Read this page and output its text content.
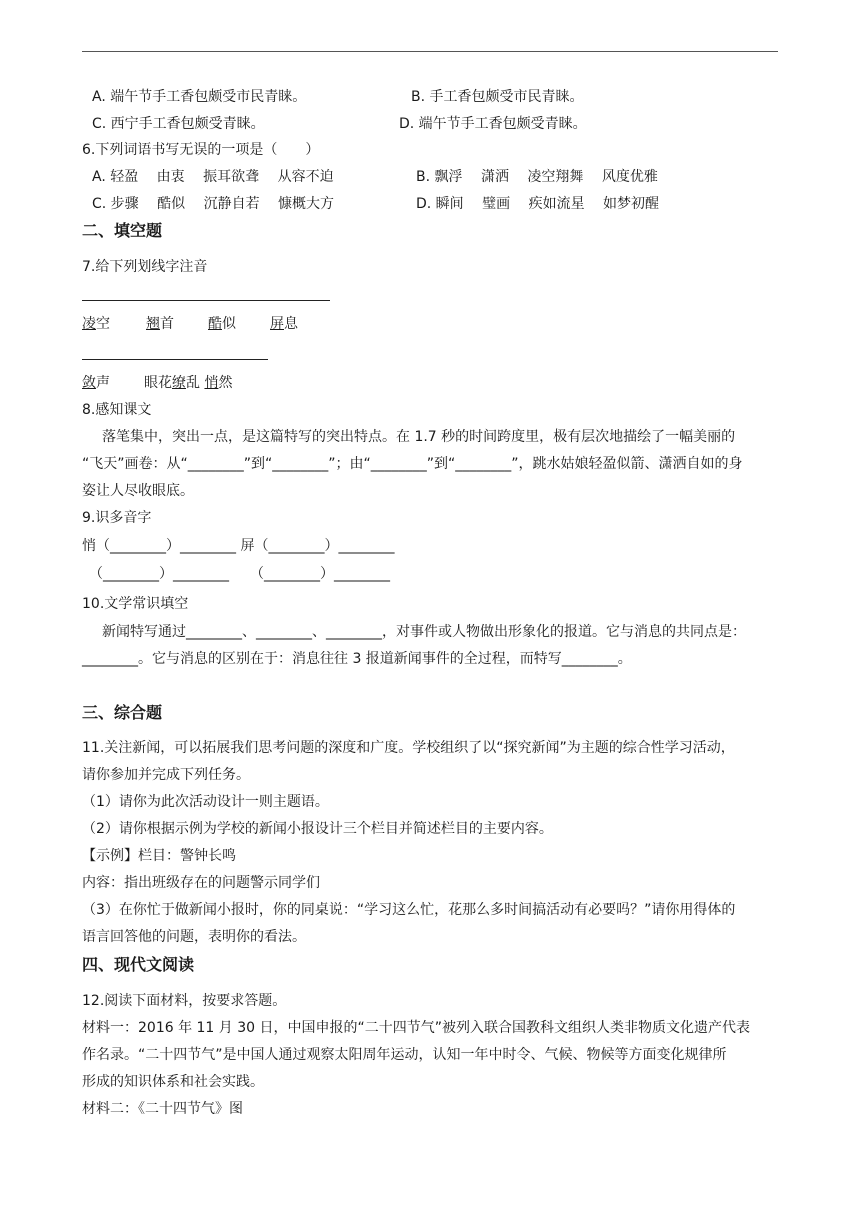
A. 端午节手工香包颇受市民青睐。	B. 手工香包颇受市民青睐。
C. 西宁手工香包颇受青睐。	D. 端午节手工香包颇受青睐。
6.下列词语书写无误的一项是（　　）
A. 轻盈　 由衷　 振耳欲聋　 从容不迫	B. 飘浮　 潇洒　 凌空翔舞　 风度优雅
C. 步骤　 酷似　 沉静自若　 慷概大方	D. 瞬间　 璧画　 疾如流星　 如梦初醒
二、填空题
7.给下列划线字注音
凌空	翘首 酷似 屏息
敛声 眼花缭乱 悄然
8.感知课文
　落笔集中，突出一点，是这篇特写的突出特点。在 1.7 秒的时间跨度里，极有层次地描绘了一幅美丽的
“飞天”画卷：从“________”到“________”；由“________”到“________”，跳水姑娘轻盈似箭、潇洒自如的身
姿让人尽收眼底。
9.识多音字
悄（________）________ 屏（________）________
　（________）________　　（________）________
10.文学常识填空
　新闻特写通过________、________、________，对事件或人物做出形象化的报道。它与消息的共同点是：
________。它与消息的区别在于：消息往往 3 报道新闻事件的全过程，而特写________。
三、综合题
11.关注新闻，可以拓展我们思考问题的深度和广度。学校组织了以“探究新闻”为主题的综合性学习活动，
请你参加并完成下列任务。
（1）请你为此次活动设计一则主题语。
（2）请你根据示例为学校的新闻小报设计三个栏目并简述栏目的主要内容。
【示例】栏目：警钟长鸣
内容：指出班级存在的问题警示同学们
（3）在你忙于做新闻小报时，你的同桌说：“学习这么忙，花那么多时间搞活动有必要吗？”请你用得体的
语言回答他的问题，表明你的看法。
四、现代文阅读
12.阅读下面材料，按要求答题。
材料一：2016 年 11 月 30 日，中国申报的“二十四节气”被列入联合国教科文组织人类非物质文化遗产代表
作名录。“二十四节气”是中国人通过观察太阳周年运动，认知一年中时令、气候、物候等方面变化规律所
形成的知识体系和社会实践。
材料二：《二十四节气》图
